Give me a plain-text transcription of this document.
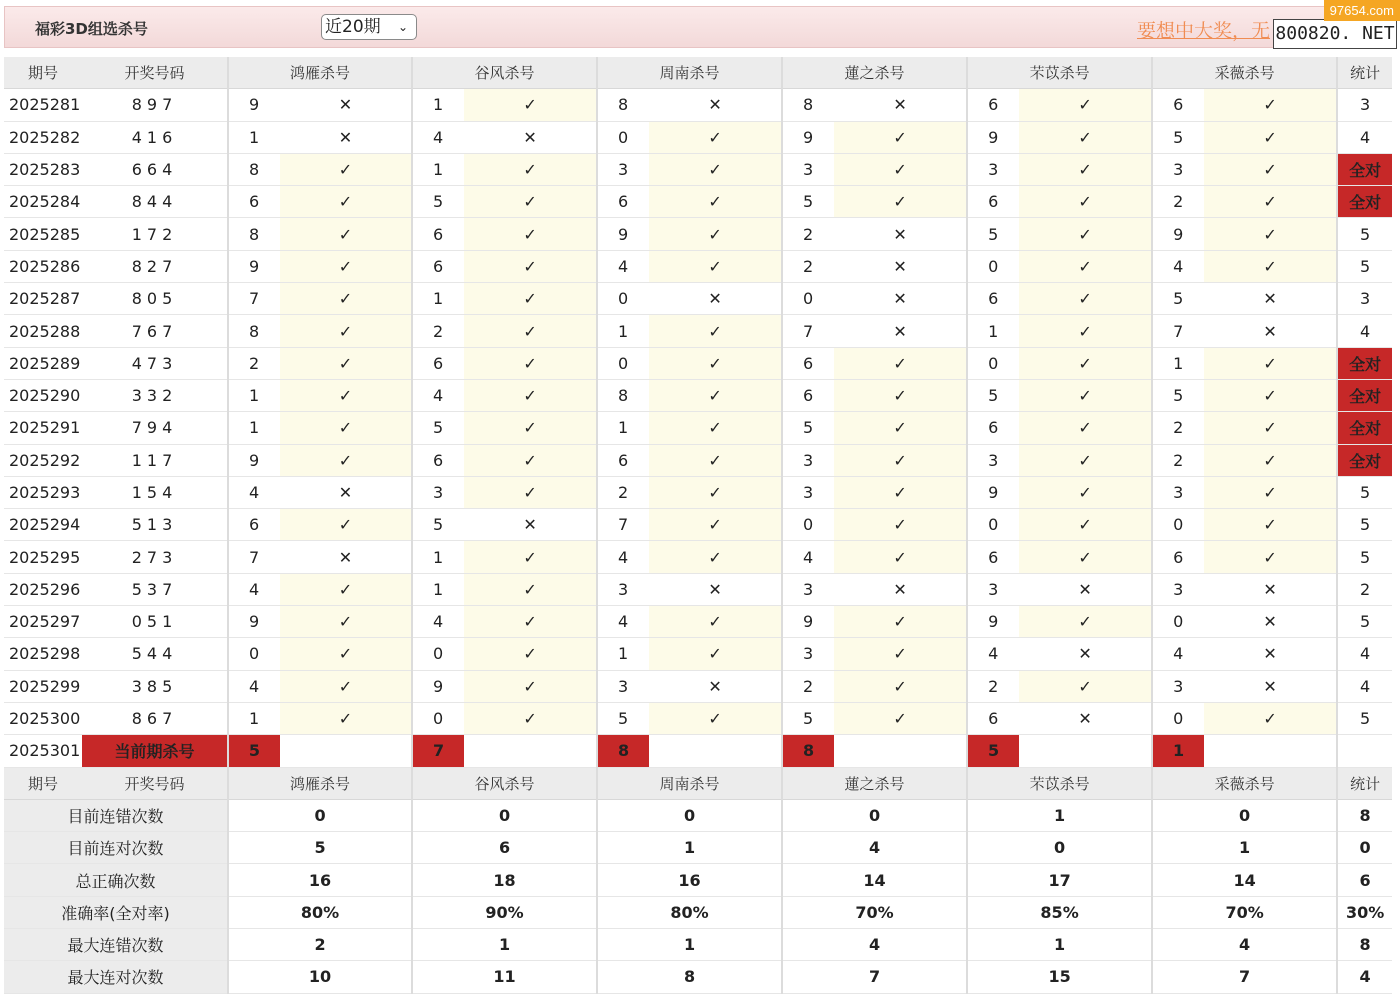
福彩3D组选杀号	近20期 ⌄	要想中大奖，无 800820. NET
97654.com
期号	开奖号码	鸿雁杀号		谷风杀号		周南杀号		蓮之杀号		芣苡杀号		采薇杀号		统计
2025281	897	9	✕	1	✓	8	✕	8	✕	6	✓	6	✓	3
2025282	416	1	✕	4	✕	0	✓	9	✓	9	✓	5	✓	4
2025283	664	8	✓	1	✓	3	✓	3	✓	3	✓	3	✓	全对
2025284	844	6	✓	5	✓	6	✓	5	✓	6	✓	2	✓	全对
2025285	172	8	✓	6	✓	9	✓	2	✕	5	✓	9	✓	5
2025286	827	9	✓	6	✓	4	✓	2	✕	0	✓	4	✓	5
2025287	805	7	✓	1	✓	0	✕	0	✕	6	✓	5	✕	3
2025288	767	8	✓	2	✓	1	✓	7	✕	1	✓	7	✕	4
2025289	473	2	✓	6	✓	0	✓	6	✓	0	✓	1	✓	全对
2025290	332	1	✓	4	✓	8	✓	6	✓	5	✓	5	✓	全对
2025291	794	1	✓	5	✓	1	✓	5	✓	6	✓	2	✓	全对
2025292	117	9	✓	6	✓	6	✓	3	✓	3	✓	2	✓	全对
2025293	154	4	✕	3	✓	2	✓	3	✓	9	✓	3	✓	5
2025294	513	6	✓	5	✕	7	✓	0	✓	0	✓	0	✓	5
2025295	273	7	✕	1	✓	4	✓	4	✓	6	✓	6	✓	5
2025296	537	4	✓	1	✓	3	✕	3	✕	3	✕	3	✕	2
2025297	051	9	✓	4	✓	4	✓	9	✓	9	✓	0	✕	5
2025298	544	0	✓	0	✓	1	✓	3	✓	4	✕	4	✕	4
2025299	385	4	✓	9	✓	3	✕	2	✓	2	✓	3	✕	4
2025300	867	1	✓	0	✓	5	✓	5	✓	6	✕	0	✓	5
2025301	当前期杀号	5		7		8		8		5		1		
期号	开奖号码	鸿雁杀号		谷风杀号		周南杀号		蓮之杀号		芣苡杀号		采薇杀号		统计
目前连错次数		0		0		0		0		1		0		8
目前连对次数		5		6		1		4		0		1		0
总正确次数		16		18		16		14		17		14		6
准确率(全对率)		80%		90%		80%		70%		85%		70%		30%
最大连错次数		2		1		1		4		1		4		8
最大连对次数		10		11		8		7		15		7		4
